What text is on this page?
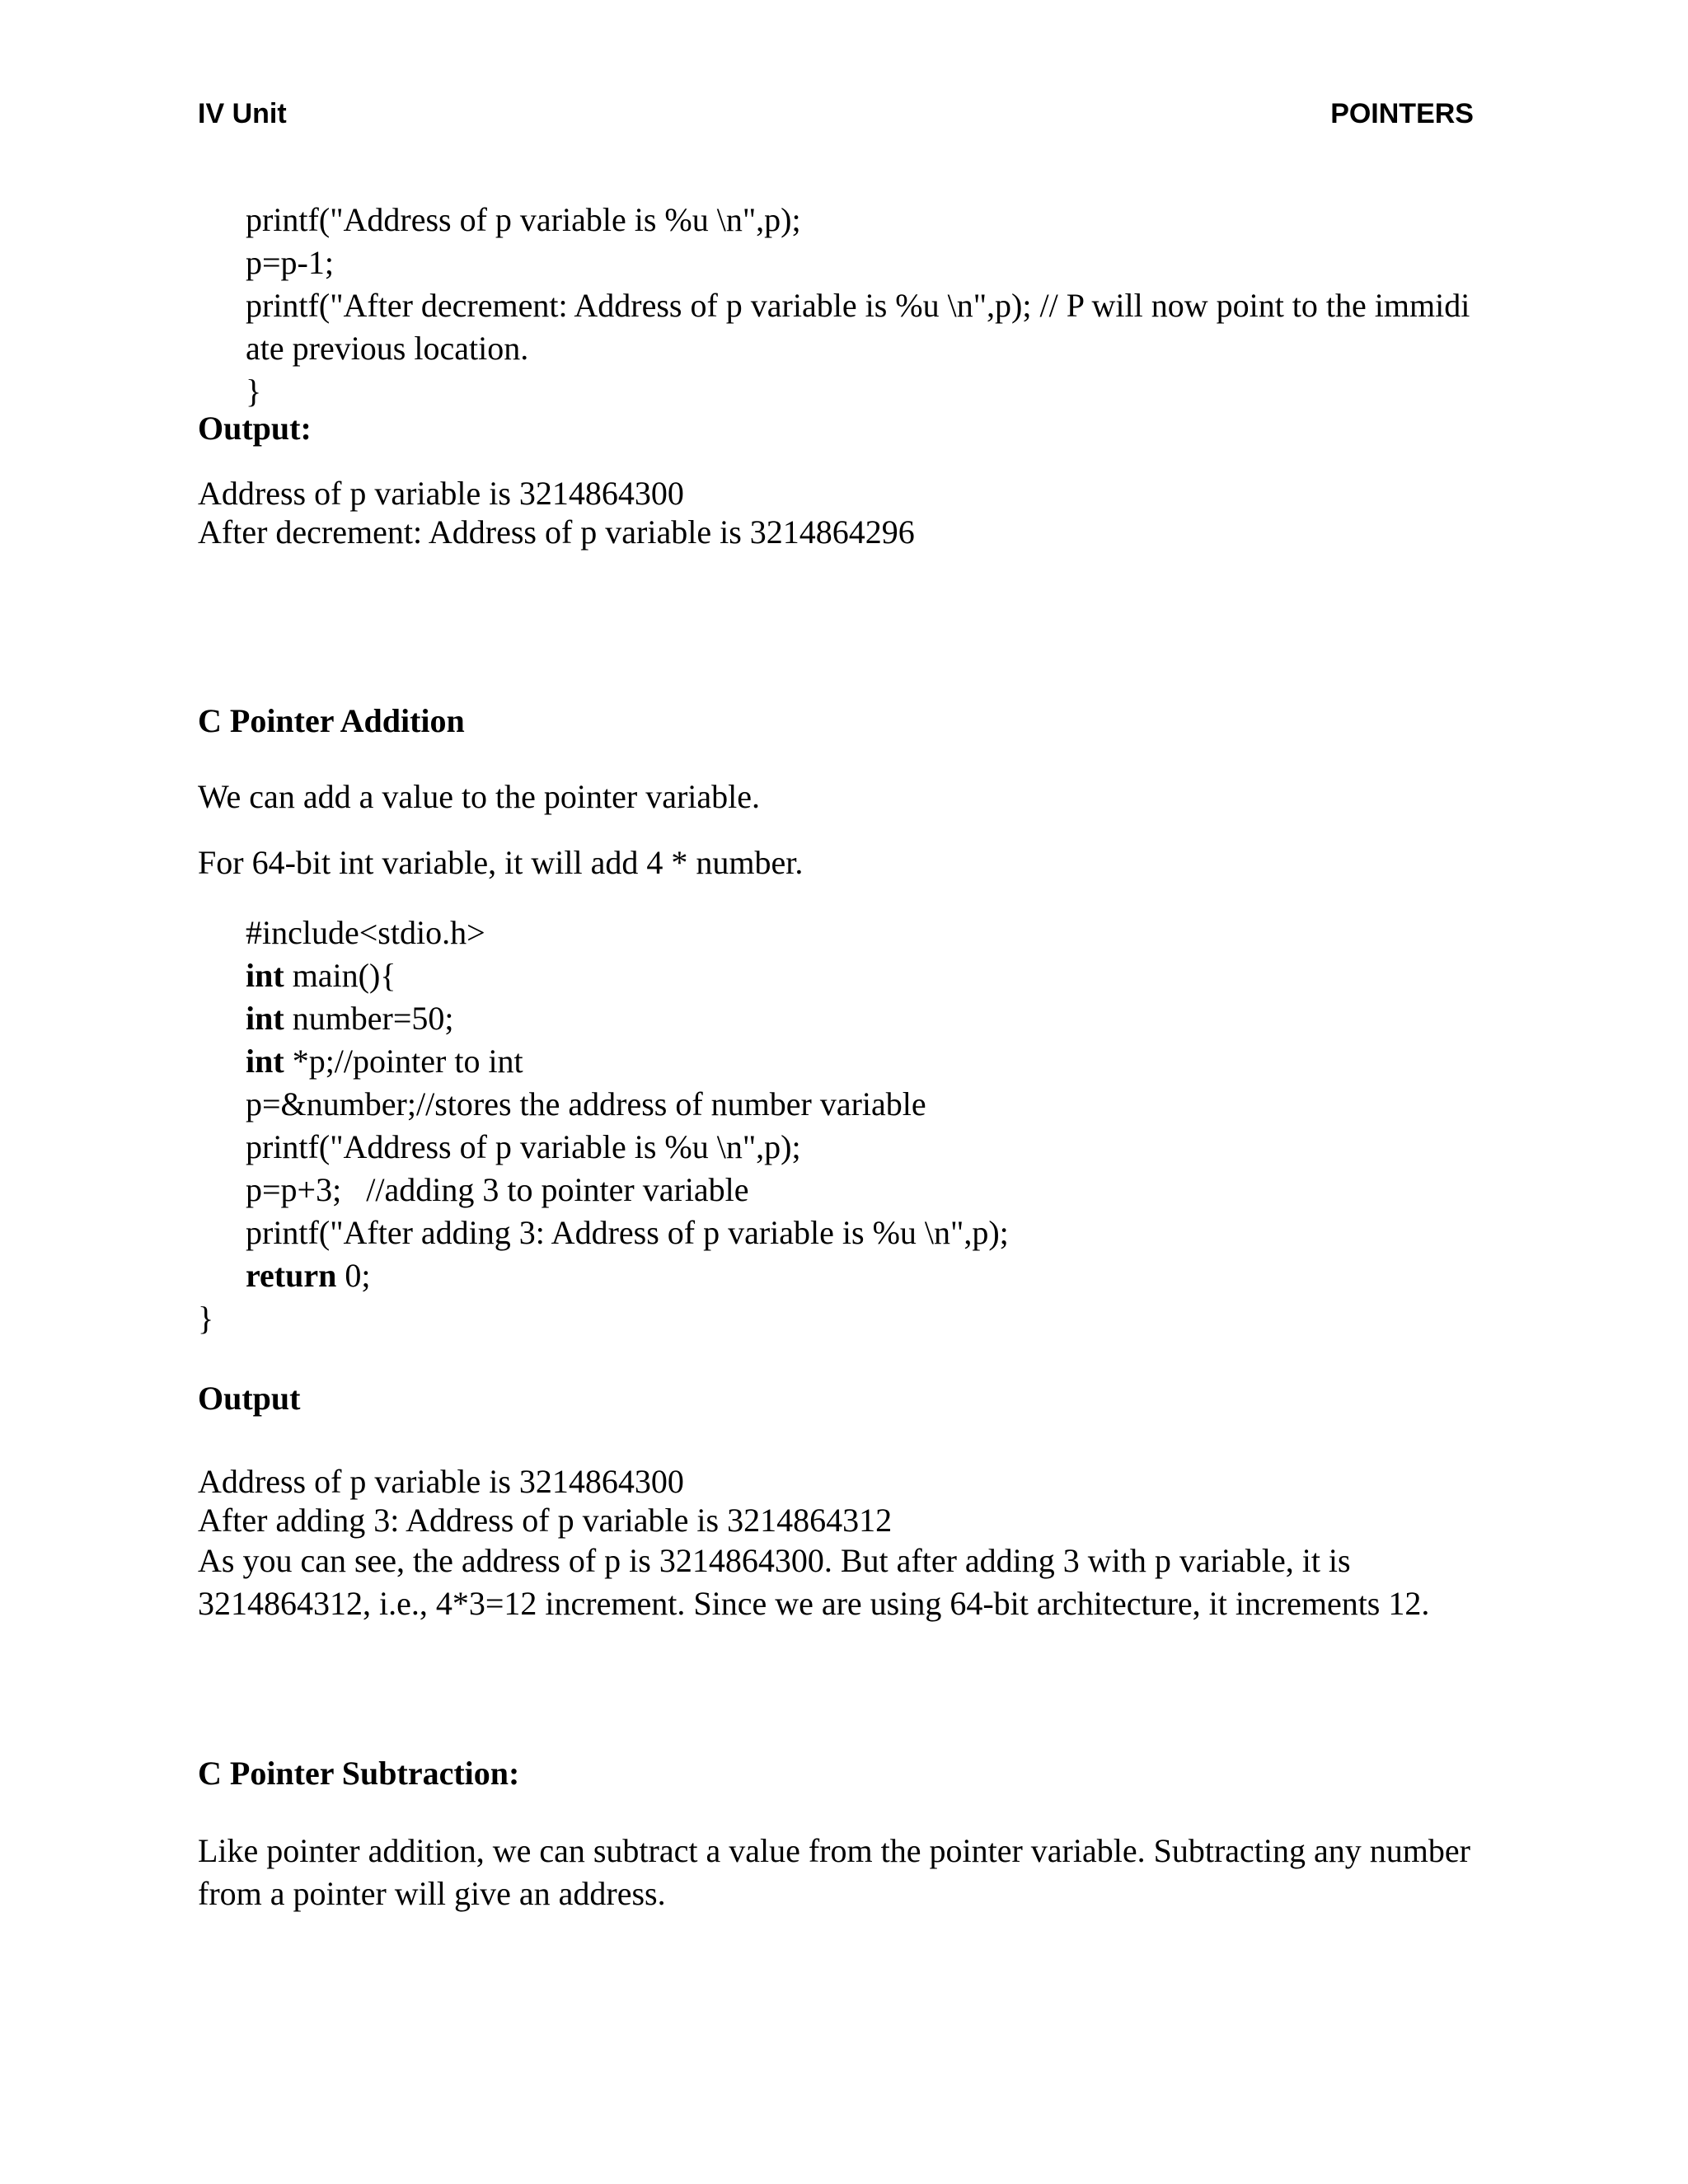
IV Unit	POINTERS
printf("Address of p variable is %u \n",p);
p=p-1;
printf("After decrement: Address of p variable is %u \n",p); // P will now point to the immidi
ate previous location.
}
Output:
Address of p variable is 3214864300
After decrement: Address of p variable is 3214864296
C Pointer Addition
We can add a value to the pointer variable.
For 64-bit int variable, it will add 4 * number.
#include<stdio.h>
int main(){
int number=50;
int *p;//pointer to int
p=&number;//stores the address of number variable
printf("Address of p variable is %u \n",p);
p=p+3;   //adding 3 to pointer variable
printf("After adding 3: Address of p variable is %u \n",p);
return 0;
}
Output
Address of p variable is 3214864300
After adding 3: Address of p variable is 3214864312
As you can see, the address of p is 3214864300. But after adding 3 with p variable, it is
3214864312, i.e., 4*3=12 increment. Since we are using 64-bit architecture, it increments 12.
C Pointer Subtraction:
Like pointer addition, we can subtract a value from the pointer variable. Subtracting any number
from a pointer will give an address.
